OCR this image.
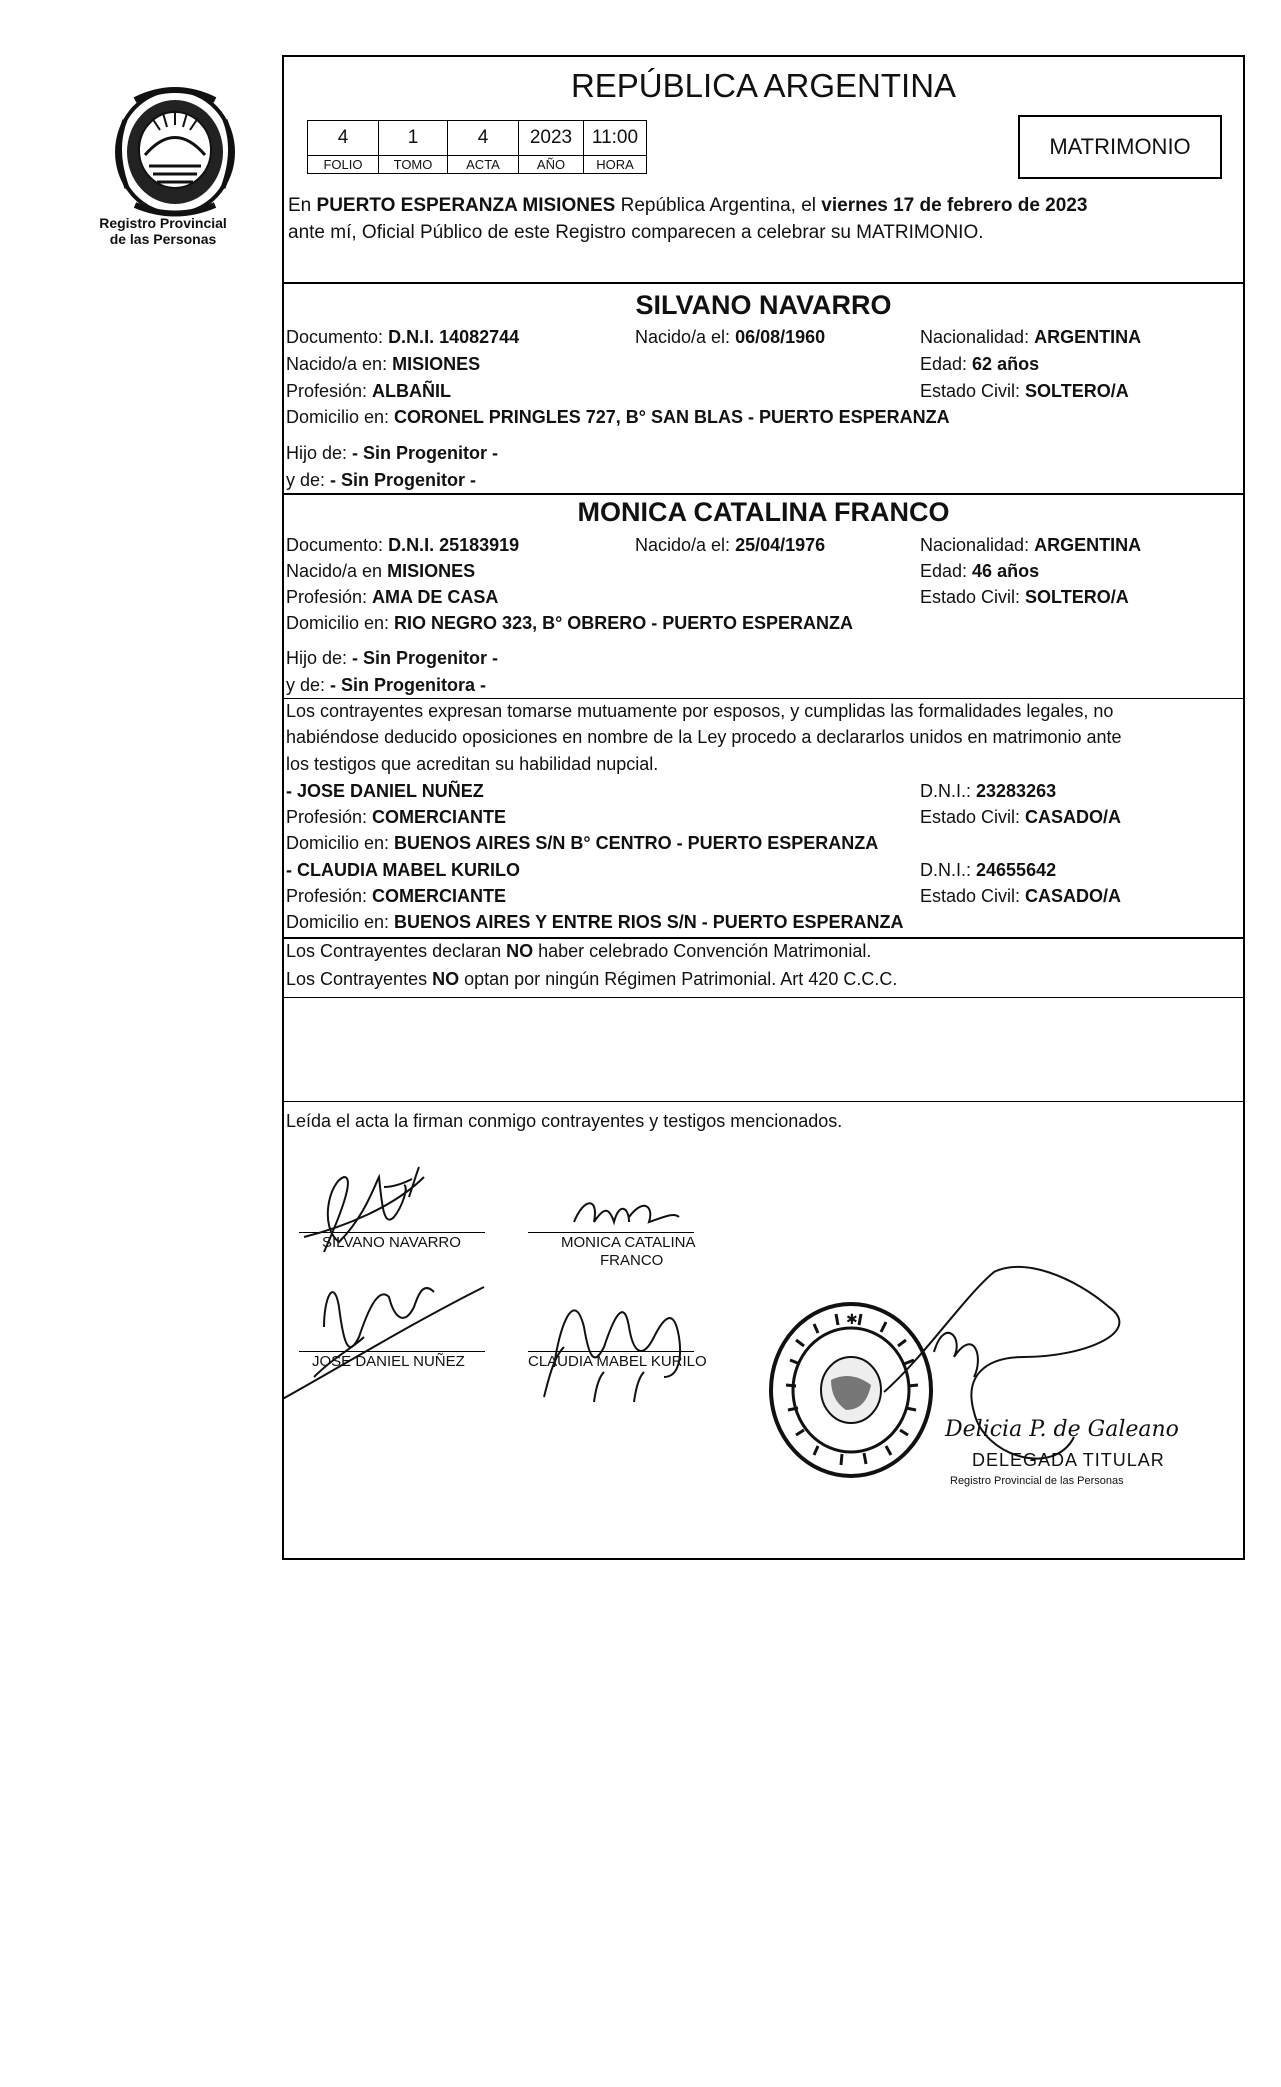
Registro Provincial
de las Personas
REPÚBLICA ARGENTINA
4	1	4	2023	11:00
FOLIO	TOMO	ACTA	AÑO	HORA
MATRIMONIO
En PUERTO ESPERANZA MISIONES República Argentina, el viernes 17 de febrero de 2023
ante mí, Oficial Público de este Registro comparecen a celebrar su MATRIMONIO.
SILVANO NAVARRO
Documento: D.N.I. 14082744	Nacido/a el: 06/08/1960	Nacionalidad: ARGENTINA
Nacido/a en: MISIONES	Edad: 62 años
Profesión: ALBAÑIL	Estado Civil: SOLTERO/A
Domicilio en: CORONEL PRINGLES 727, B° SAN BLAS - PUERTO ESPERANZA
Hijo de: - Sin Progenitor -
y de: - Sin Progenitor -
MONICA CATALINA FRANCO
Documento: D.N.I. 25183919	Nacido/a el: 25/04/1976	Nacionalidad: ARGENTINA
Nacido/a en MISIONES	Edad: 46 años
Profesión: AMA DE CASA	Estado Civil: SOLTERO/A
Domicilio en: RIO NEGRO 323, B° OBRERO - PUERTO ESPERANZA
Hijo de: - Sin Progenitor -
y de: - Sin Progenitora -
Los contrayentes expresan tomarse mutuamente por esposos, y cumplidas las formalidades legales, no
habiéndose deducido oposiciones en nombre de la Ley procedo a declararlos unidos en matrimonio ante
los testigos que acreditan su habilidad nupcial.
- JOSE DANIEL NUÑEZ	D.N.I.: 23283263
Profesión: COMERCIANTE	Estado Civil: CASADO/A
Domicilio en: BUENOS AIRES S/N B° CENTRO - PUERTO ESPERANZA
- CLAUDIA MABEL KURILO	D.N.I.: 24655642
Profesión: COMERCIANTE	Estado Civil: CASADO/A
Domicilio en: BUENOS AIRES Y ENTRE RIOS S/N - PUERTO ESPERANZA
Los Contrayentes declaran NO haber celebrado Convención Matrimonial.
Los Contrayentes NO optan por ningún Régimen Patrimonial. Art 420 C.C.C.
Leída el acta la firman conmigo contrayentes y testigos mencionados.
SILVANO NAVARRO	MONICA CATALINA
FRANCO
JOSE DANIEL NUÑEZ	CLAUDIA MABEL KURILO
✱
Delicia P. de Galeano
DELEGADA TITULAR
Registro Provincial de las Personas
